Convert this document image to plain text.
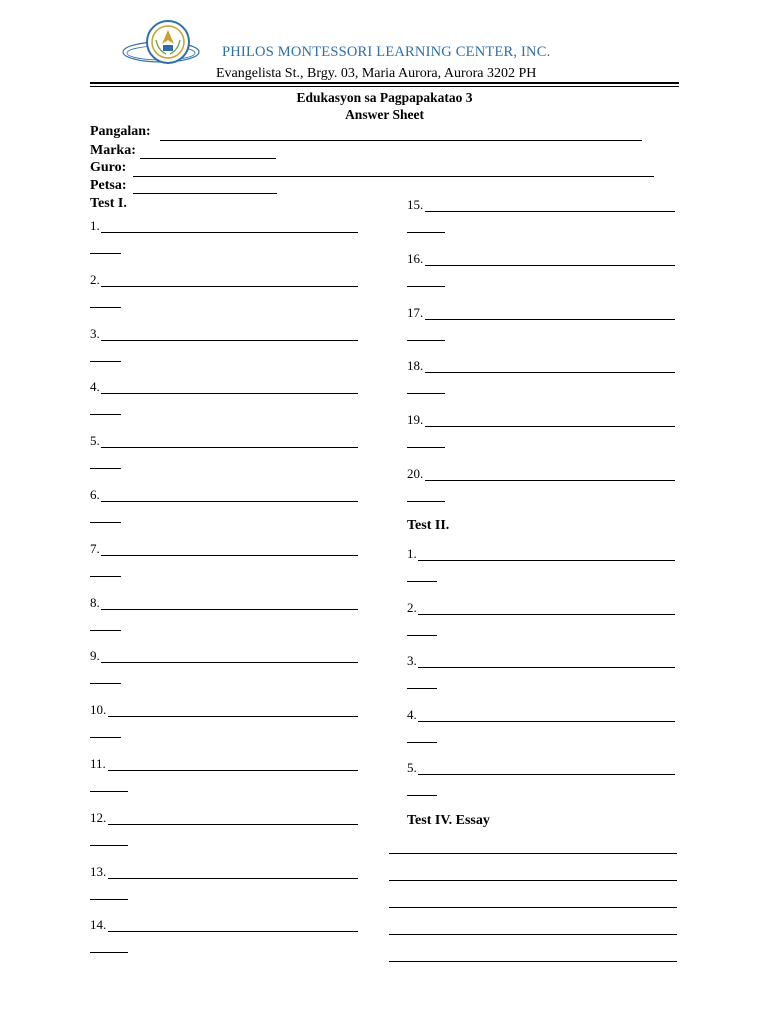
PHILOS MONTESSORI LEARNING CENTER, INC.
Evangelista St., Brgy. 03, Maria Aurora, Aurora 3202 PH
Edukasyon sa Pagpapakatao 3
Answer Sheet
Pangalan:
Marka:
Guro:
Petsa:
Test I.
Test II.
Test IV. Essay
1.
2.
3.
4.
5.
6.
7.
8.
9.
10.
11.
12.
13.
14.
15.
16.
17.
18.
19.
20.
1.
2.
3.
4.
5.
